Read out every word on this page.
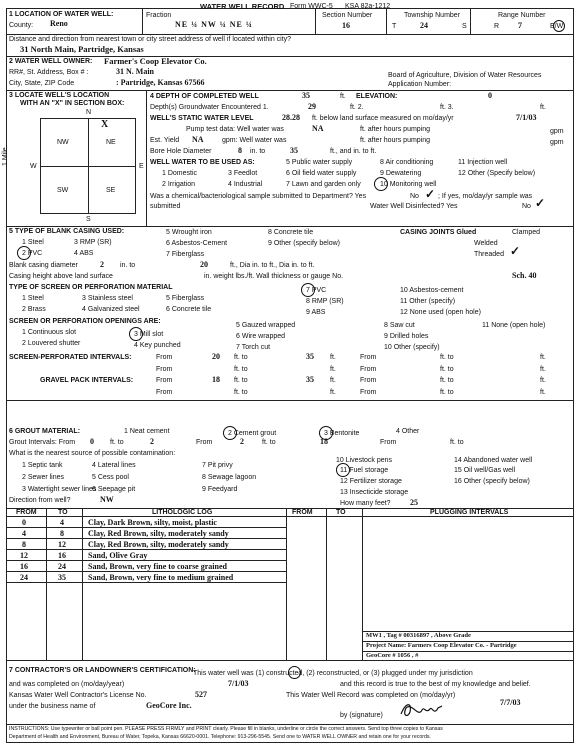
1 LOCATION OF WATER WELL:
WATER WELL RECORD Form WWC-5 KSA 82a-1212
County: Reno
Fraction
NE ¼ NW ¼ NE ¼
Section Number
16
Township Number
T	24	S
Range Number
R 7	E/W
Distance and direction from nearest town or city street address of well if located within city?
31 North Main, Partridge, Kansas
2 WATER WELL OWNER: Farmer's Coop Elevator Co.
RR#, St. Address, Box # :	31 N. Main
City, State, ZIP Code	: Partridge, Kansas 67566
Board of Agriculture, Division of Water Resources
Application Number:
3 LOCATE WELL'S LOCATION
WITH AN "X" IN SECTION BOX:
N
S
W	E
NW	NE
SW	SE
X
1 Mile
4 DEPTH OF COMPLETED WELL	35	ft. ELEVATION:	0
Depth(s) Groundwater Encountered 1.	29	ft. 2.	ft. 3.	ft.
WELL'S STATIC WATER LEVEL	28.28 ft. below land surface measured on mo/day/yr	7/1/03
Pump test data: Well water was	NA	ft. after hours pumping	gpm
Est. Yield NA	gpm: Well water was	ft. after hours pumping	gpm
Bore Hole Diameter	8 in. to	35	ft., and in. to ft.
WELL WATER TO BE USED AS:	5 Public water supply	8 Air conditioning	11 Injection well
1 Domestic	3 Feedlot	6 Oil field water supply	9 Dewatering	12 Other (Specify below)
2 Irrigation	4 Industrial	7 Lawn and garden only	10 Monitoring well
Was a chemical/bacteriological sample submitted to Department? Yes	No ✓ ; If yes, mo/day/yr sample was
submitted	Water Well Disinfected? Yes	No ✓
5 TYPE OF BLANK CASING USED:
1 Steel	3 RMP (SR)
5 Wrought iron	8 Concrete tile
2 PVC	4 ABS
6 Asbestos-Cement	9 Other (specify below)
7 Fiberglass
CASING JOINTS Glued	Clamped
Welded
Threaded ✓
Blank casing diameter	2 in. to	20	ft., Dia in. to ft., Dia in. to ft.
Casing height above land surface	in. weight lbs./ft. Wall thickness or gauge No.	Sch. 40
TYPE OF SCREEN OR PERFORATION MATERIAL
1 Steel	3 Stainless steel	5 Fiberglass
7 PVC	10 Asbestos-cement
2 Brass	4 Galvanized steel	6 Concrete tile
8 RMP (SR)	11 Other (specify)
9 ABS	12 None used (open hole)
SCREEN OR PERFORATION OPENINGS ARE:
1 Continuous slot	3 Mill slot
5 Gauzed wrapped	8 Saw cut	11 None (open hole)
2 Louvered shutter	4 Key punched
6 Wire wrapped	9 Drilled holes
7 Torch cut	10 Other (specify)
SCREEN-PERFORATED INTERVALS:	From	20 ft. to	35 ft.	From	ft. to	ft.
From	ft. to	ft.	From	ft. to	ft.
GRAVEL PACK INTERVALS:	From	18 ft. to	35 ft.	From	ft. to	ft.
From	ft. to	ft.	From	ft. to	ft.
6 GROUT MATERIAL:	1 Neat cement	2 Cement grout	3 Bentonite	4 Other
Grout Intervals: From 0 ft. to	2	From	2	ft. to	18	From	ft. to
What is the nearest source of possible contamination:
1 Septic tank	4 Lateral lines	7 Pit privy
10 Livestock pens	14 Abandoned water well
2 Sewer lines	5 Cess pool	8 Sewage lagoon
11 Fuel storage	15 Oil well/Gas well
3 Watertight sewer lines
6 Seepage pit	9 Feedyard
12 Fertilizer storage	16 Other (specify below)
13 Insecticide storage
Direction from well?	NW	How many feet? 25
FROM	TO	LITHOLOGIC LOG	FROM	TO	PLUGGING INTERVALS
0	4	Clay, Dark Brown, silty, moist, plastic
4	8	Clay, Red Brown, silty, moderately sandy
8	12	Clay, Red Brown, silty, moderately sandy
12	16	Sand, Olive Gray
16	24	Sand, Brown, very fine to coarse grained
24	35	Sand, Brown, very fine to medium grained
MW1 , Tag # 00316897 , Above Grade
Project Name: Farmers Coop Elevator Co. - Partridge
GeoCore # 1056 , #
7 CONTRACTOR'S OR LANDOWNER'S CERTIFICATION:
This water well was (1) constructed, (2) reconstructed, or (3) plugged under my jurisdiction
and was completed on (mo/day/year)	7/1/03	and this record is true to the best of my knowledge and belief.
Kansas Water Well Contractor's License No.	527	This Water Well Record was completed on (mo/day/yr)
7/7/03
under the business name of	GeoCore Inc.
by (signature)
INSTRUCTIONS: Use typewriter or ball point pen. PLEASE PRESS FIRMLY and PRINT clearly. Please fill in blanks, underline or circle the correct answers. Send top three copies to Kansas
Department of Health and Environment, Bureau of Water, Topeka, Kansas 66620-0001. Telephone: 913-296-5545. Send one to WATER WELL OWNER and retain one for your records.
